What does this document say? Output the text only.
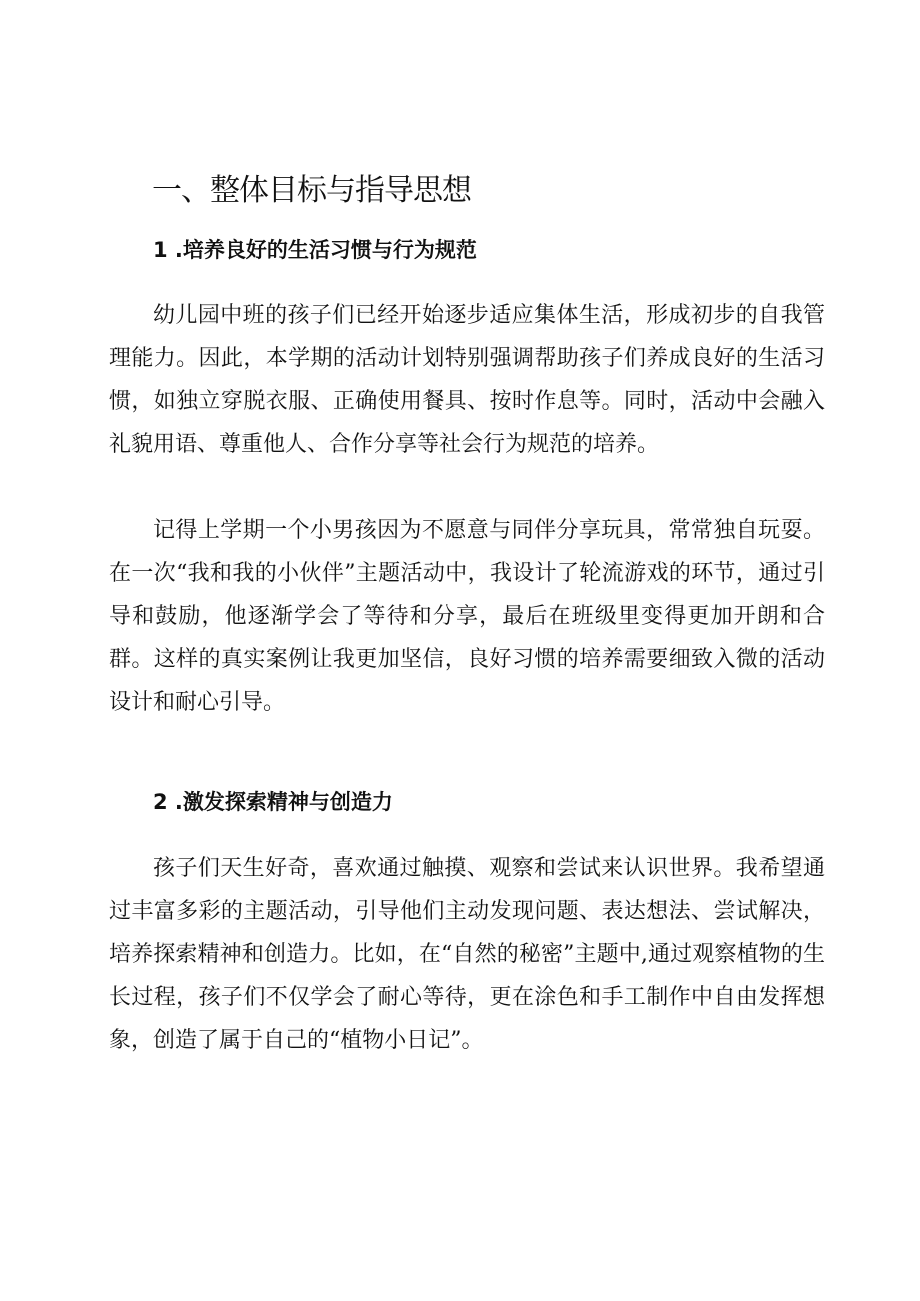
一、整体目标与指导思想
1 .培养良好的生活习惯与行为规范

幼儿园中班的孩子们已经开始逐步适应集体生活，形成初步的自我管理能力。因此，本学期的活动计划特别强调帮助孩子们养成良好的生活习惯，如独立穿脱衣服、正确使用餐具、按时作息等。同时，活动中会融入礼貌用语、尊重他人、合作分享等社会行为规范的培养。

记得上学期一个小男孩因为不愿意与同伴分享玩具，常常独自玩耍。在一次“我和我的小伙伴”主题活动中，我设计了轮流游戏的环节，通过引导和鼓励，他逐渐学会了等待和分享，最后在班级里变得更加开朗和合群。这样的真实案例让我更加坚信，良好习惯的培养需要细致入微的活动设计和耐心引导。

2 .激发探索精神与创造力

孩子们天生好奇，喜欢通过触摸、观察和尝试来认识世界。我希望通过丰富多彩的主题活动，引导他们主动发现问题、表达想法、尝试解决，培养探索精神和创造力。比如，在“自然的秘密”主题中,通过观察植物的生长过程，孩子们不仅学会了耐心等待，更在涂色和手工制作中自由发挥想象，创造了属于自己的“植物小日记”。
